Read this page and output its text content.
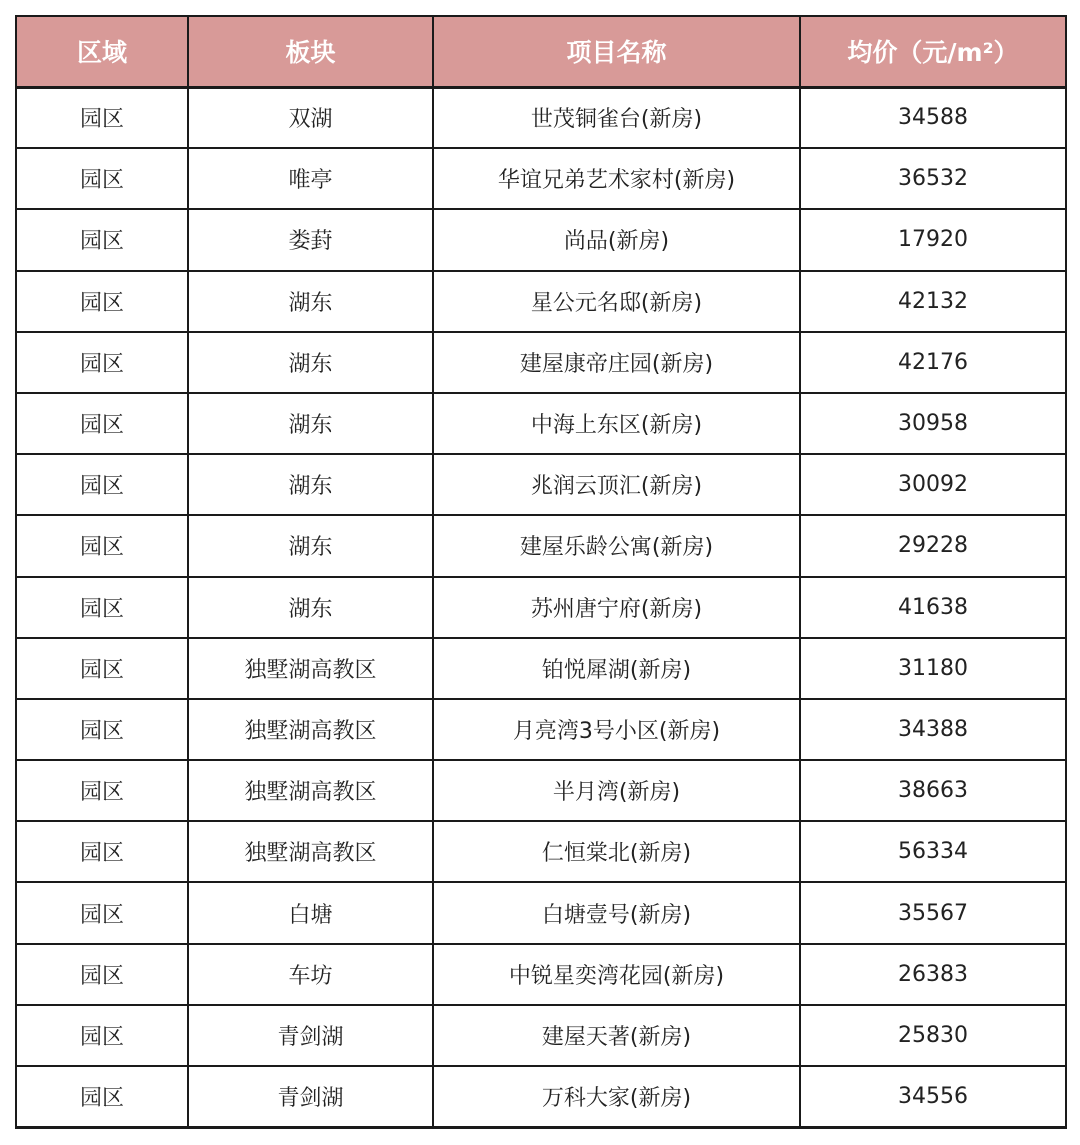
区域	板块	项目名称	均价（元/m²）
园区	双湖	世茂铜雀台(新房)	34588
园区	唯亭	华谊兄弟艺术家村(新房)	36532
园区	娄葑	尚品(新房)	17920
园区	湖东	星公元名邸(新房)	42132
园区	湖东	建屋康帝庄园(新房)	42176
园区	湖东	中海上东区(新房)	30958
园区	湖东	兆润云顶汇(新房)	30092
园区	湖东	建屋乐龄公寓(新房)	29228
园区	湖东	苏州唐宁府(新房)	41638
园区	独墅湖高教区	铂悦犀湖(新房)	31180
园区	独墅湖高教区	月亮湾3号小区(新房)	34388
园区	独墅湖高教区	半月湾(新房)	38663
园区	独墅湖高教区	仁恒棠北(新房)	56334
园区	白塘	白塘壹号(新房)	35567
园区	车坊	中锐星奕湾花园(新房)	26383
园区	青剑湖	建屋天著(新房)	25830
园区	青剑湖	万科大家(新房)	34556
